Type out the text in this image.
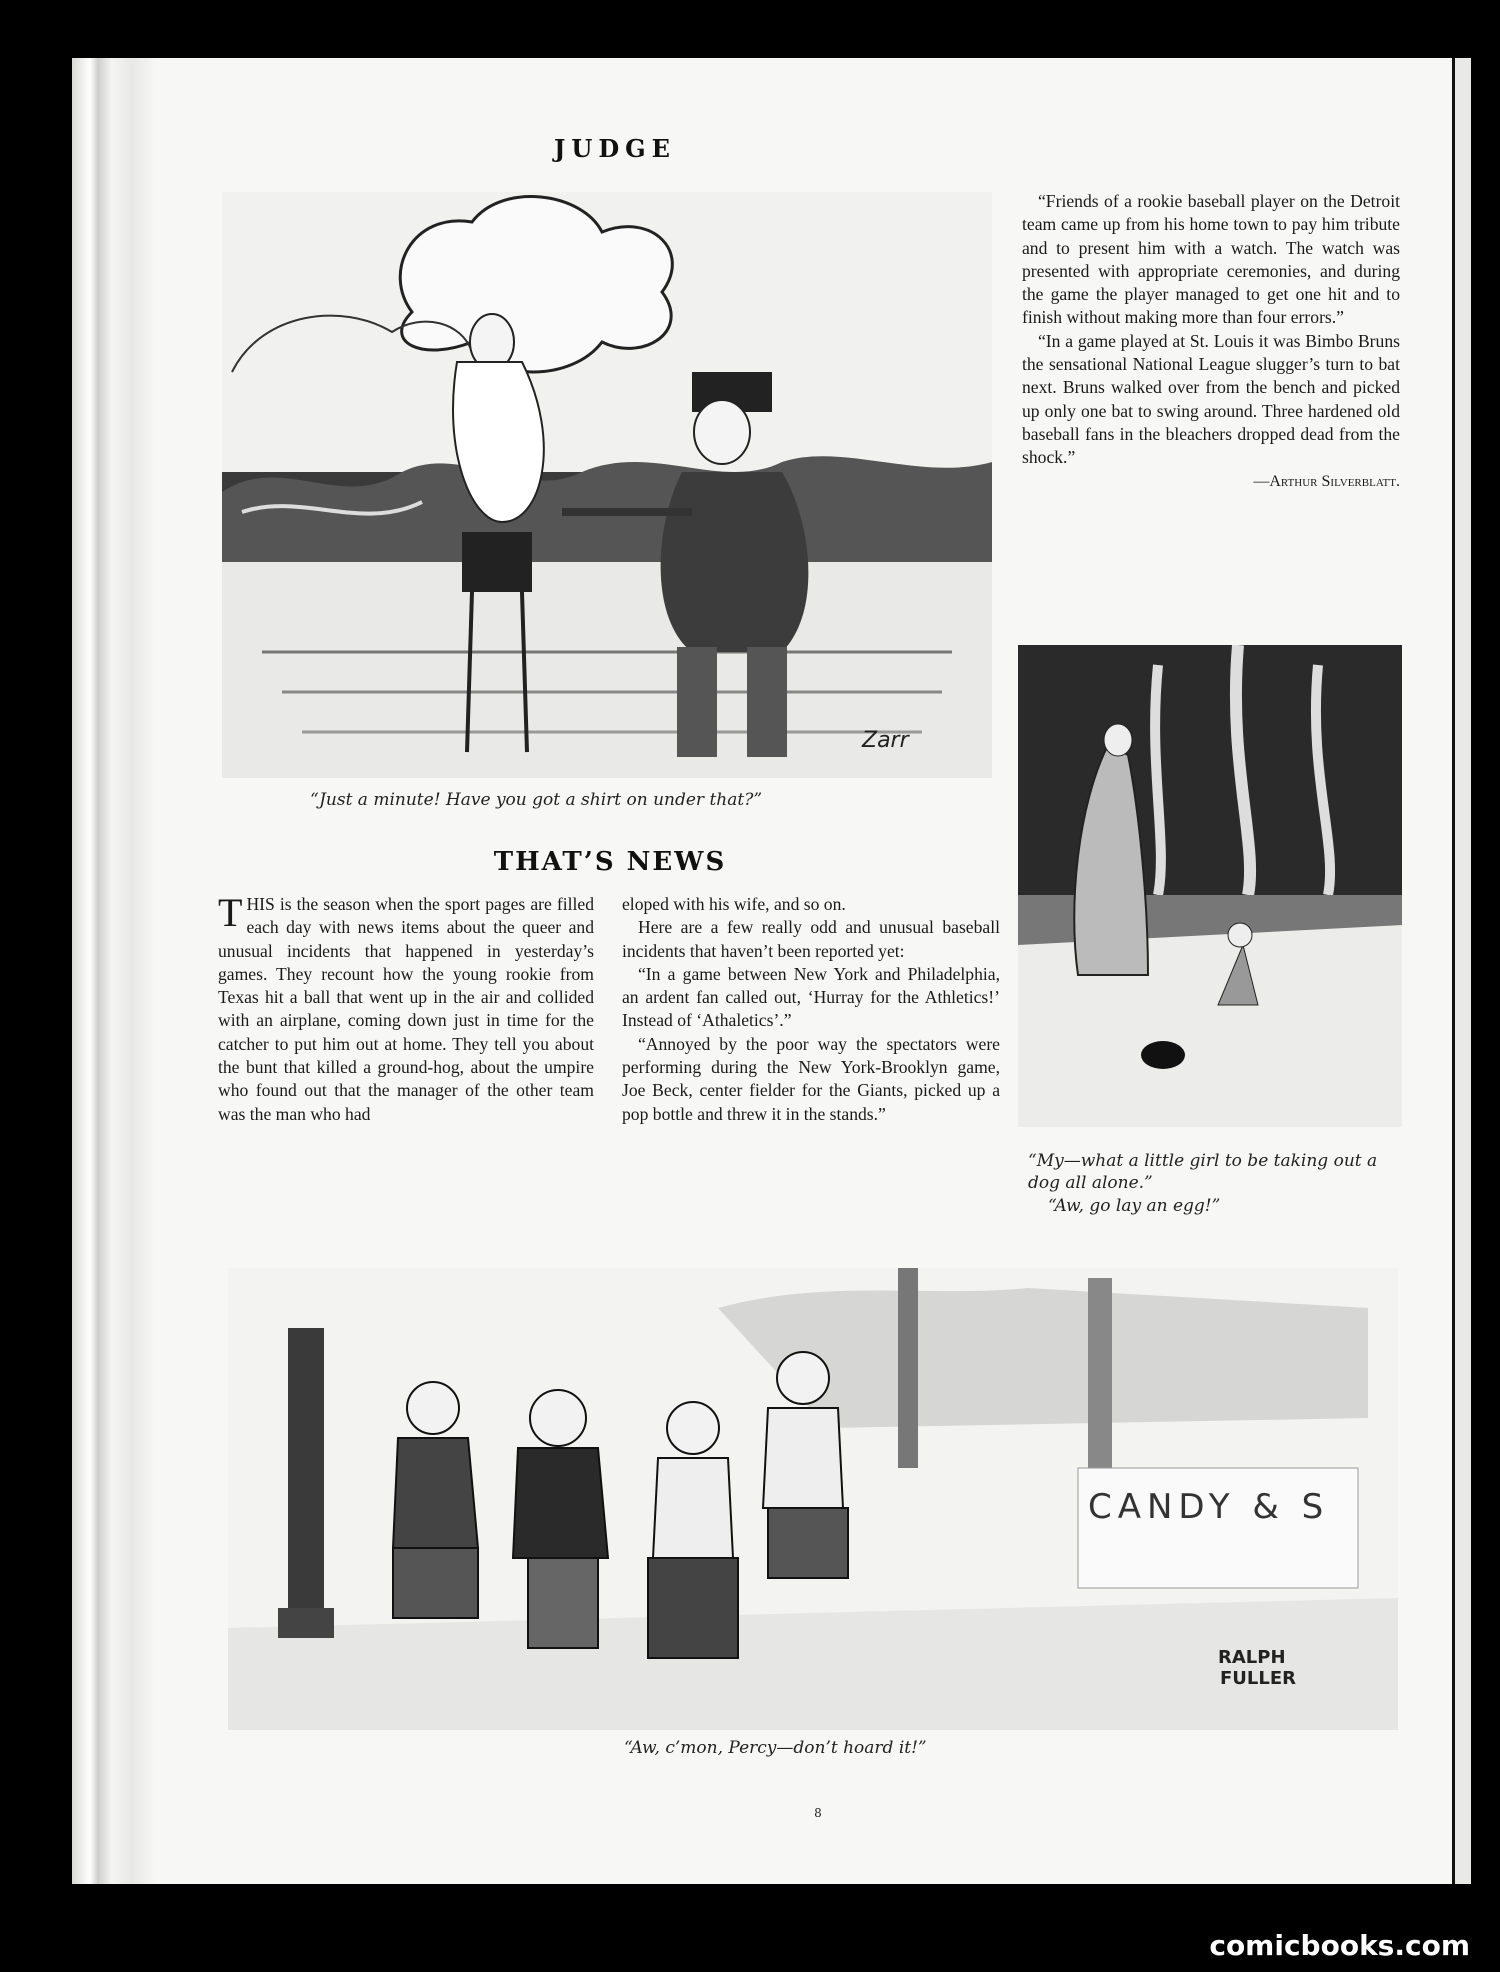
JUDGE
Zarr
“Just a minute! Have you got a shirt on under that?”

“Friends of a rookie baseball player on the Detroit team came up from his home town to pay him tribute and to present him with a watch. The watch was presented with appropriate ceremonies, and during the game the player managed to get one hit and to finish without making more than four errors.”

“In a game played at St. Louis it was Bimbo Bruns the sensational National League slugger’s turn to bat next. Bruns walked over from the bench and picked up only one bat to swing around. Three hardened old baseball fans in the bleachers dropped dead from the shock.”

—Arthur Silverblatt.
“My—what a little girl to be taking out a dog all alone.”
“Aw, go lay an egg!”
THAT’S NEWS

THIS is the season when the sport pages are filled each day with news items about the queer and unusual incidents that happened in yesterday’s games. They recount how the young rookie from Texas hit a ball that went up in the air and collided with an airplane, coming down just in time for the catcher to put him out at home. They tell you about the bunt that killed a ground-hog, about the umpire who found out that the manager of the other team was the man who had

eloped with his wife, and so on.

Here are a few really odd and unusual baseball incidents that haven’t been reported yet:

“In a game between New York and Philadelphia, an ardent fan called out, ‘Hurray for the Athletics!’ Instead of ‘Athaletics’.”

“Annoyed by the poor way the spectators were performing during the New York-Brooklyn game, Joe Beck, center fielder for the Giants, picked up a pop bottle and threw it in the stands.”

CANDY & S
RALPH
FULLER
“Aw, c’mon, Percy—don’t hoard it!”
8
comicbooks.com
